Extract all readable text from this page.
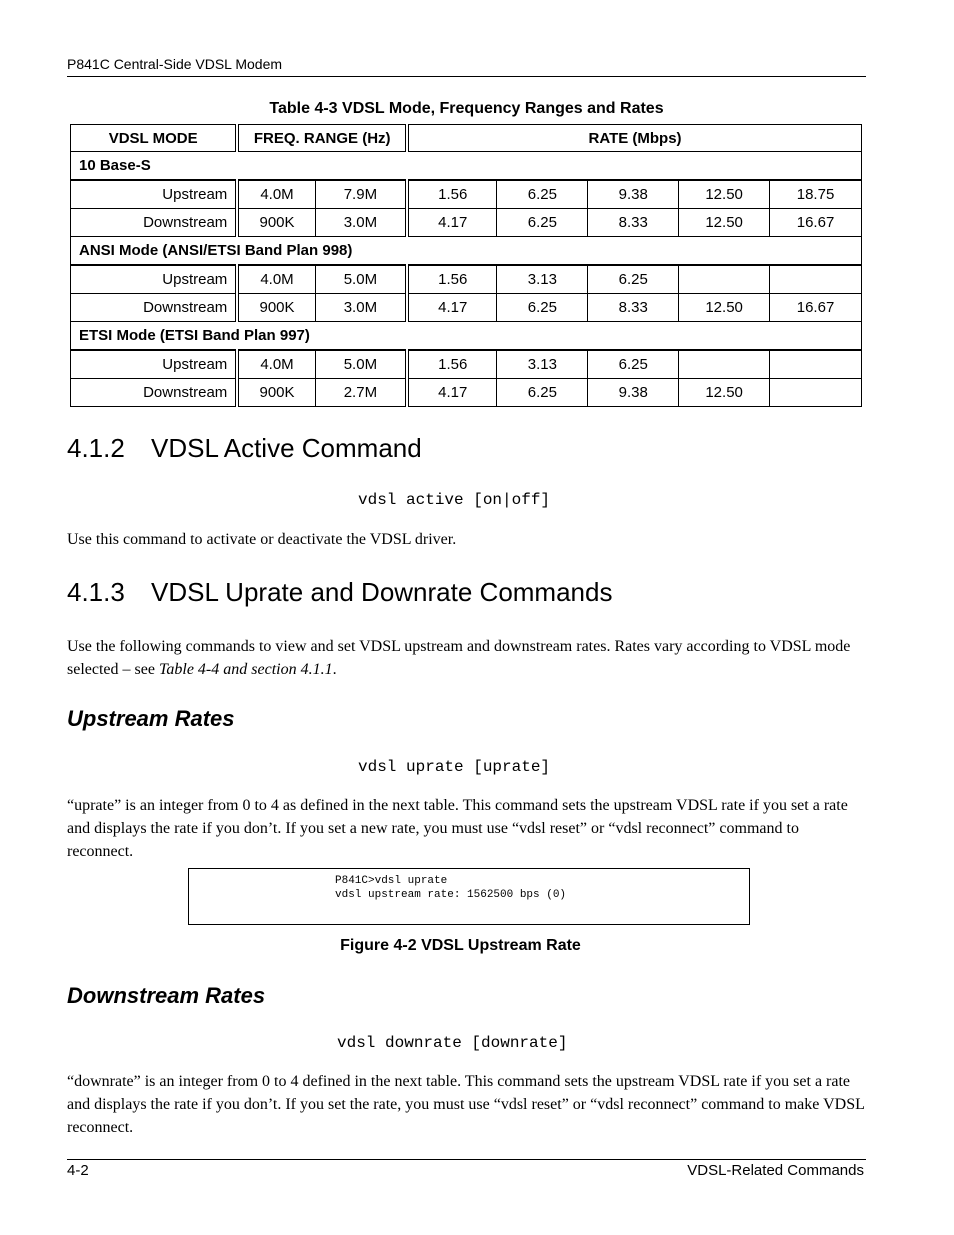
P841C Central-Side VDSL Modem
Table 4-3 VDSL Mode, Frequency Ranges and Rates
VDSL MODE	FREQ. RANGE (Hz)		RATE (Mbps)				
10 Base-S							
Upstream	4.0M	7.9M	1.56	6.25	9.38	12.50	18.75
Downstream	900K	3.0M	4.17	6.25	8.33	12.50	16.67
ANSI Mode (ANSI/ETSI Band Plan 998)							
Upstream	4.0M	5.0M	1.56	3.13	6.25		
Downstream	900K	3.0M	4.17	6.25	8.33	12.50	16.67
ETSI Mode (ETSI Band Plan 997)							
Upstream	4.0M	5.0M	1.56	3.13	6.25		
Downstream	900K	2.7M	4.17	6.25	9.38	12.50	
4.1.2 VDSL Active Command
vdsl active [on|off]

Use this command to activate or deactivate the VDSL driver.

4.1.3 VDSL Uprate and Downrate Commands

Use the following commands to view and set VDSL upstream and downstream rates. Rates vary according to VDSL mode selected – see Table 4-4 and section 4.1.1.

Upstream Rates
vdsl uprate [uprate]

“uprate” is an integer from 0 to 4 as defined in the next table. This command sets the upstream VDSL rate if you set a rate and displays the rate if you don’t. If you set a new rate, you must use “vdsl reset” or “vdsl reconnect” command to reconnect.

P841C>vdsl uprate
vdsl upstream rate: 1562500 bps (0)
Figure 4-2 VDSL Upstream Rate
Downstream Rates
vdsl downrate [downrate]

“downrate” is an integer from 0 to 4 defined in the next table. This command sets the upstream VDSL rate if you set a rate and displays the rate if you don’t. If you set the rate, you must use “vdsl reset” or “vdsl reconnect” command to make VDSL reconnect.

4-2	VDSL-Related Commands
